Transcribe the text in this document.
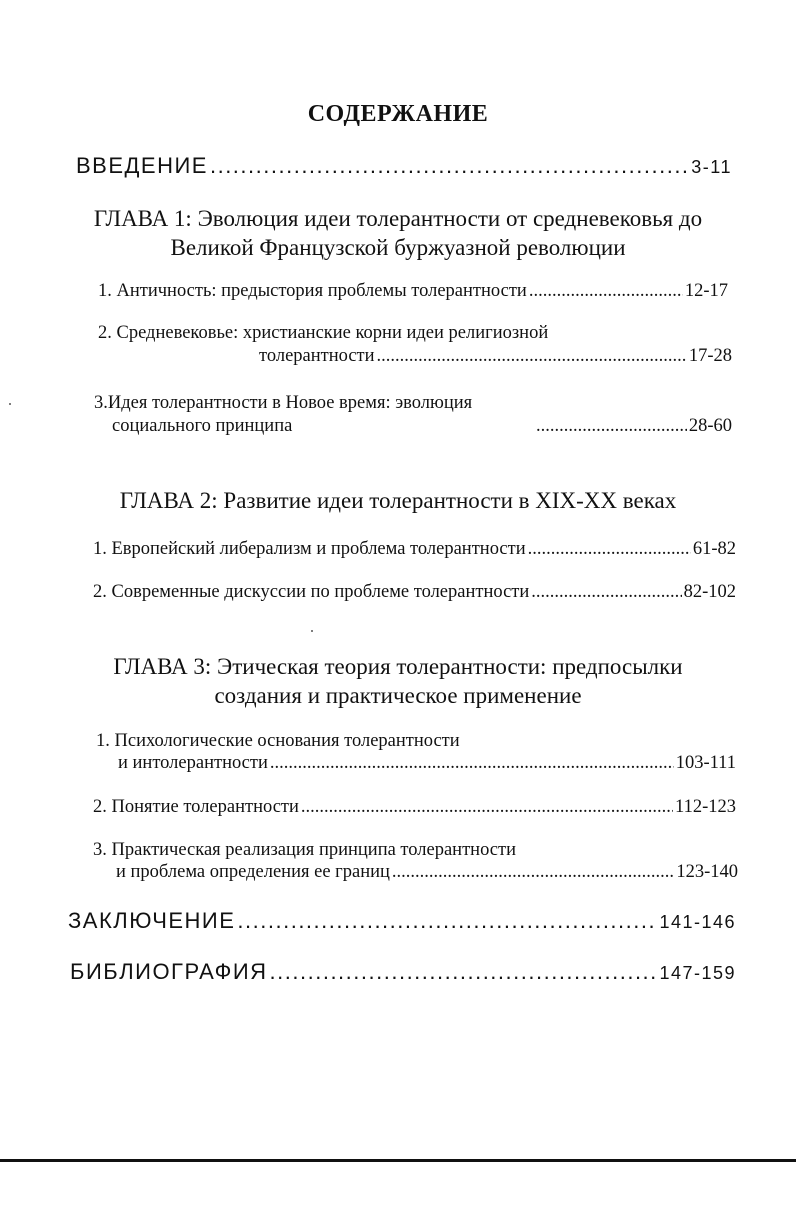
СОДЕРЖАНИЕ
ВВЕДЕНИЕ .....	3-11
ГЛАВА 1: Эволюция идеи толерантности от средневековья до
Великой Французской буржуазной революции
1. Античность: предыстория проблемы толерантности .....	12-17
2. Средневековье: христианские корни идеи религиозной
толерантности .....	17-28
3.Идея толерантности в Новое время: эволюция
социального принципа .....	28-60
ГЛАВА 2: Развитие идеи толерантности в XIX-XX веках
1. Европейский либерализм и проблема толерантности .....	61-82
2. Современные дискуссии по проблеме толерантности .....	82-102
ГЛАВА 3: Этическая теория толерантности: предпосылки
создания и практическое применение
1. Психологические основания толерантности
и интолерантности .....	103-111
2. Понятие толерантности .....	112-123
3. Практическая реализация принципа толерантности
и проблема определения ее границ .....	123-140
ЗАКЛЮЧЕНИЕ .....	141-146
БИБЛИОГРАФИЯ .....	147-159
